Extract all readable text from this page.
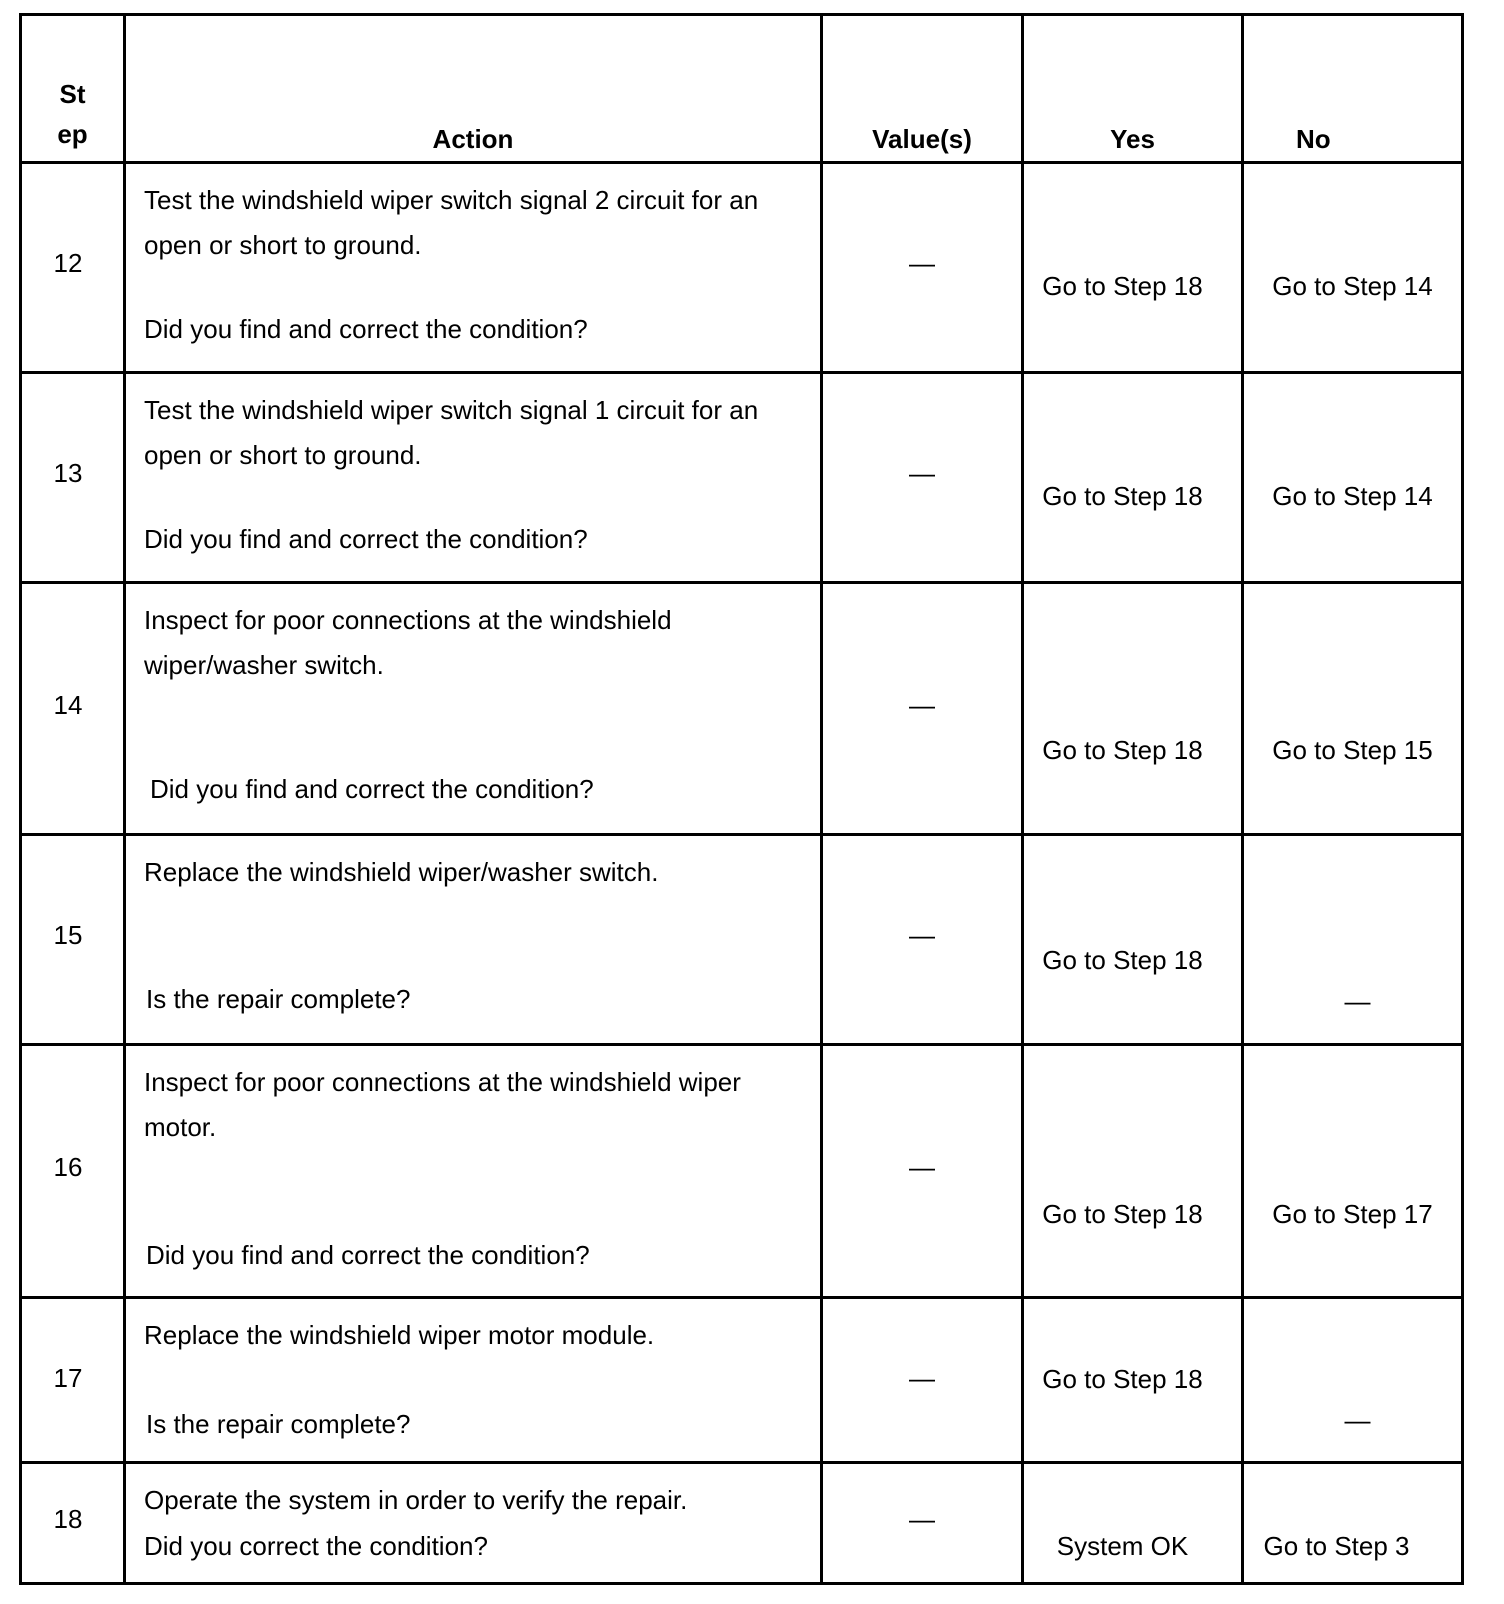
St
ep	Action	Value(s)	Yes	No

12	Test the windshield wiper switch signal 2 circuit for an open or short to ground.
Did you find and correct the condition?	—	Go to Step 18	Go to Step 14

13	Test the windshield wiper switch signal 1 circuit for an open or short to ground.
Did you find and correct the condition?	—	Go to Step 18	Go to Step 14

14	Inspect for poor connections at the windshield wiper/washer switch.
Did you find and correct the condition?	—	Go to Step 18	Go to Step 15

15	Replace the windshield wiper/washer switch.
Is the repair complete?	—	Go to Step 18	—

16	Inspect for poor connections at the windshield wiper motor.
Did you find and correct the condition?	—	Go to Step 18	Go to Step 17

17	Replace the windshield wiper motor module.
Is the repair complete?	—	Go to Step 18	—

18	Operate the system in order to verify the repair.
Did you correct the condition?	—	System OK	Go to Step 3
